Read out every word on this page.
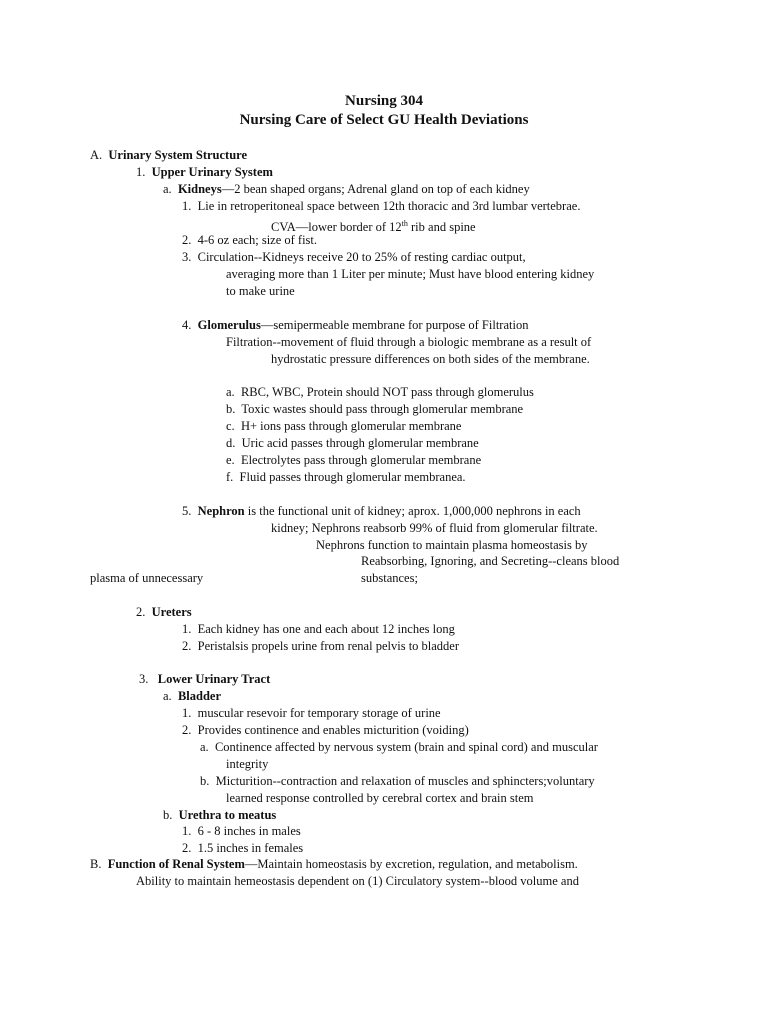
Nursing 304
Nursing Care of Select GU Health Deviations
A. Urinary System Structure
1. Upper Urinary System
a. Kidneys—2 bean shaped organs; Adrenal gland on top of each kidney
1. Lie in retroperitoneal space between 12th thoracic and 3rd lumbar vertebrae.
CVA—lower border of 12th rib and spine
2. 4-6 oz each; size of fist.
3. Circulation--Kidneys receive 20 to 25% of resting cardiac output,
averaging more than 1 Liter per minute; Must have blood entering kidney
to make urine
4. Glomerulus—semipermeable membrane for purpose of Filtration
Filtration--movement of fluid through a biologic membrane as a result of
hydrostatic pressure differences on both sides of the membrane.
a. RBC, WBC, Protein should NOT pass through glomerulus
b. Toxic wastes should pass through glomerular membrane
c. H+ ions pass through glomerular membrane
d. Uric acid passes through glomerular membrane
e. Electrolytes pass through glomerular membrane
f. Fluid passes through glomerular membranea.
5. Nephron is the functional unit of kidney; aprox. 1,000,000 nephrons in each
kidney; Nephrons reabsorb 99% of fluid from glomerular filtrate.
Nephrons function to maintain plasma homeostasis by
Reabsorbing, Ignoring, and Secreting--cleans blood
plasma of unnecessary	substances;
2. Ureters
1. Each kidney has one and each about 12 inches long
2. Peristalsis propels urine from renal pelvis to bladder
3. Lower Urinary Tract
a. Bladder
1. muscular resevoir for temporary storage of urine
2. Provides continence and enables micturition (voiding)
a. Continence affected by nervous system (brain and spinal cord) and muscular
integrity
b. Micturition--contraction and relaxation of muscles and sphincters;voluntary
learned response controlled by cerebral cortex and brain stem
b. Urethra to meatus
1. 6 - 8 inches in males
2. 1.5 inches in females
B. Function of Renal System—Maintain homeostasis by excretion, regulation, and metabolism.
Ability to maintain hemeostasis dependent on (1) Circulatory system--blood volume and
